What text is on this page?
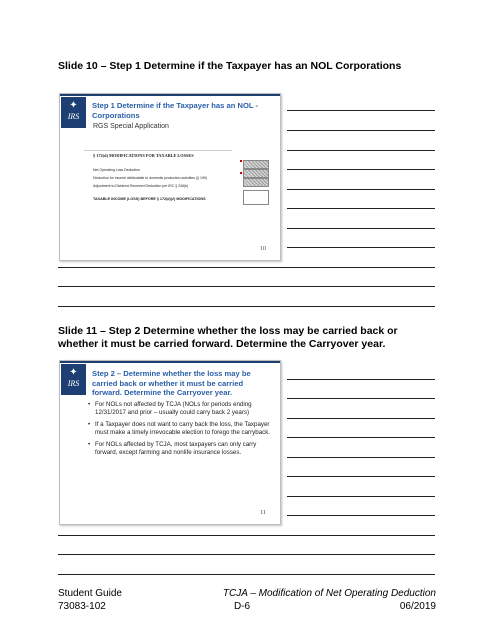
Slide 10 – Step 1 Determine if the Taxpayer has an NOL Corporations
✦
IRS
Step 1 Determine if the Taxpayer has an NOL - Corporations
RGS Special Application
§ 172(d) MODIFICATIONS FOR TAXABLE LOSSES
Net Operating Loss Deduction
Deduction for income attributable to domestic production activities (§ 199)
Adjustment to Dividend Received Deduction per IRC § 246(b)
TAXABLE INCOME (LOSS) BEFORE § 172(d)(2) MODIFICATIONS
10
Slide 11 – Step 2 Determine whether the loss may be carried back or whether it must be carried forward. Determine the Carryover year.
✦
IRS
Step 2 – Determine whether the loss may be carried back or whether it must be carried forward. Determine the Carryover year.
• For NOLs not affected by TCJA (NOLs for periods ending 12/31/2017 and prior – usually could carry back 2 years)
• If a Taxpayer does not want to carry back the loss, the Taxpayer must make a timely irrevocable election to forego the carryback.
• For NOLs affected by TCJA, most taxpayers can only carry forward, except farming and nonlife insurance losses.
11
Student Guide
73083-102	D-6
TCJA – Modification of Net Operating Deduction
06/2019
